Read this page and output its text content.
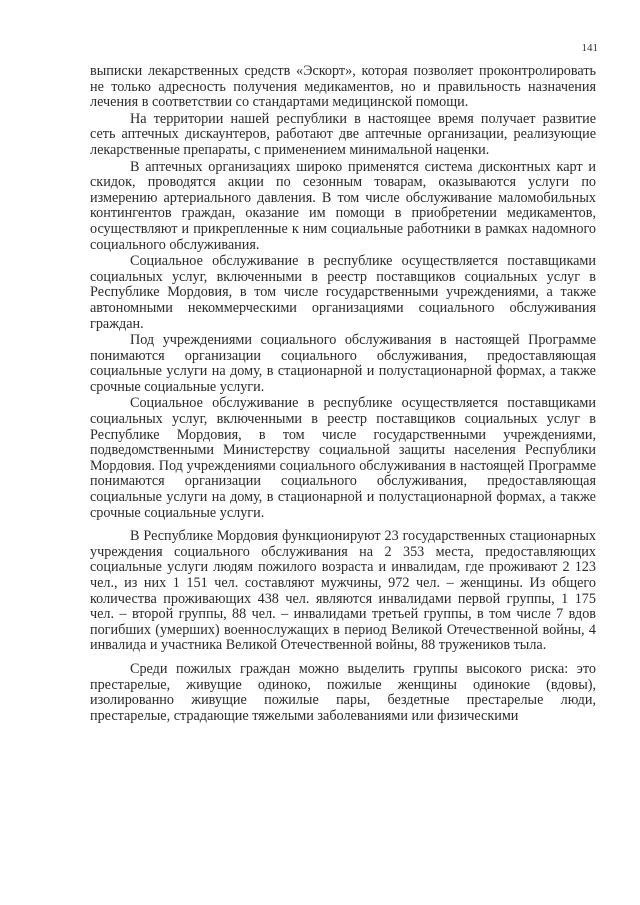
141

выписки лекарственных средств «Эскорт», которая позволяет проконтролировать не только адресность получения медикаментов, но и правильность назначения лечения в соответствии со стандартами медицинской помощи.

На территории нашей республики в настоящее время получает развитие сеть аптечных дискаунтеров, работают две аптечные организации, реализующие лекарственные препараты, с применением минимальной наценки.

В аптечных организациях широко применятся система дисконтных карт и скидок, проводятся акции по сезонным товарам, оказываются услуги по измерению артериального давления. В том числе обслуживание маломобильных контингентов граждан, оказание им помощи в приобретении медикаментов, осуществляют и прикрепленные к ним социальные работники в рамках надомного социального обслуживания.

Социальное обслуживание в республике осуществляется поставщиками социальных услуг, включенными в реестр поставщиков социальных услуг в Республике Мордовия, в том числе государственными учреждениями, а также автономными некоммерческими организациями социального обслуживания граждан.

Под учреждениями социального обслуживания в настоящей Программе понимаются организации социального обслуживания, предоставляющая социальные услуги на дому, в стационарной и полустационарной формах, а также срочные социальные услуги.

Социальное обслуживание в республике осуществляется поставщиками социальных услуг, включенными в реестр поставщиков социальных услуг в Республике Мордовия, в том числе государственными учреждениями, подведомственными Министерству социальной защиты населения Республики Мордовия. Под учреждениями социального обслуживания в настоящей Программе понимаются организации социального обслуживания, предоставляющая социальные услуги на дому, в стационарной и полустационарной формах, а также срочные социальные услуги.

В Республике Мордовия функционируют 23 государственных стационарных учреждения социального обслуживания на 2 353 места, предоставляющих социальные услуги людям пожилого возраста и инвалидам, где проживают 2 123 чел., из них 1 151 чел. составляют мужчины, 972 чел. – женщины. Из общего количества проживающих 438 чел. являются инвалидами первой группы, 1 175 чел. – второй группы, 88 чел. – инвалидами третьей группы, в том числе 7 вдов погибших (умерших) военнослужащих в период Великой Отечественной войны, 4 инвалида и участника Великой Отечественной войны, 88 тружеников тыла.

Среди пожилых граждан можно выделить группы высокого риска: это престарелые, живущие одиноко, пожилые женщины одинокие (вдовы), изолированно живущие пожилые пары, бездетные престарелые люди, престарелые, страдающие тяжелыми заболеваниями или физическими
